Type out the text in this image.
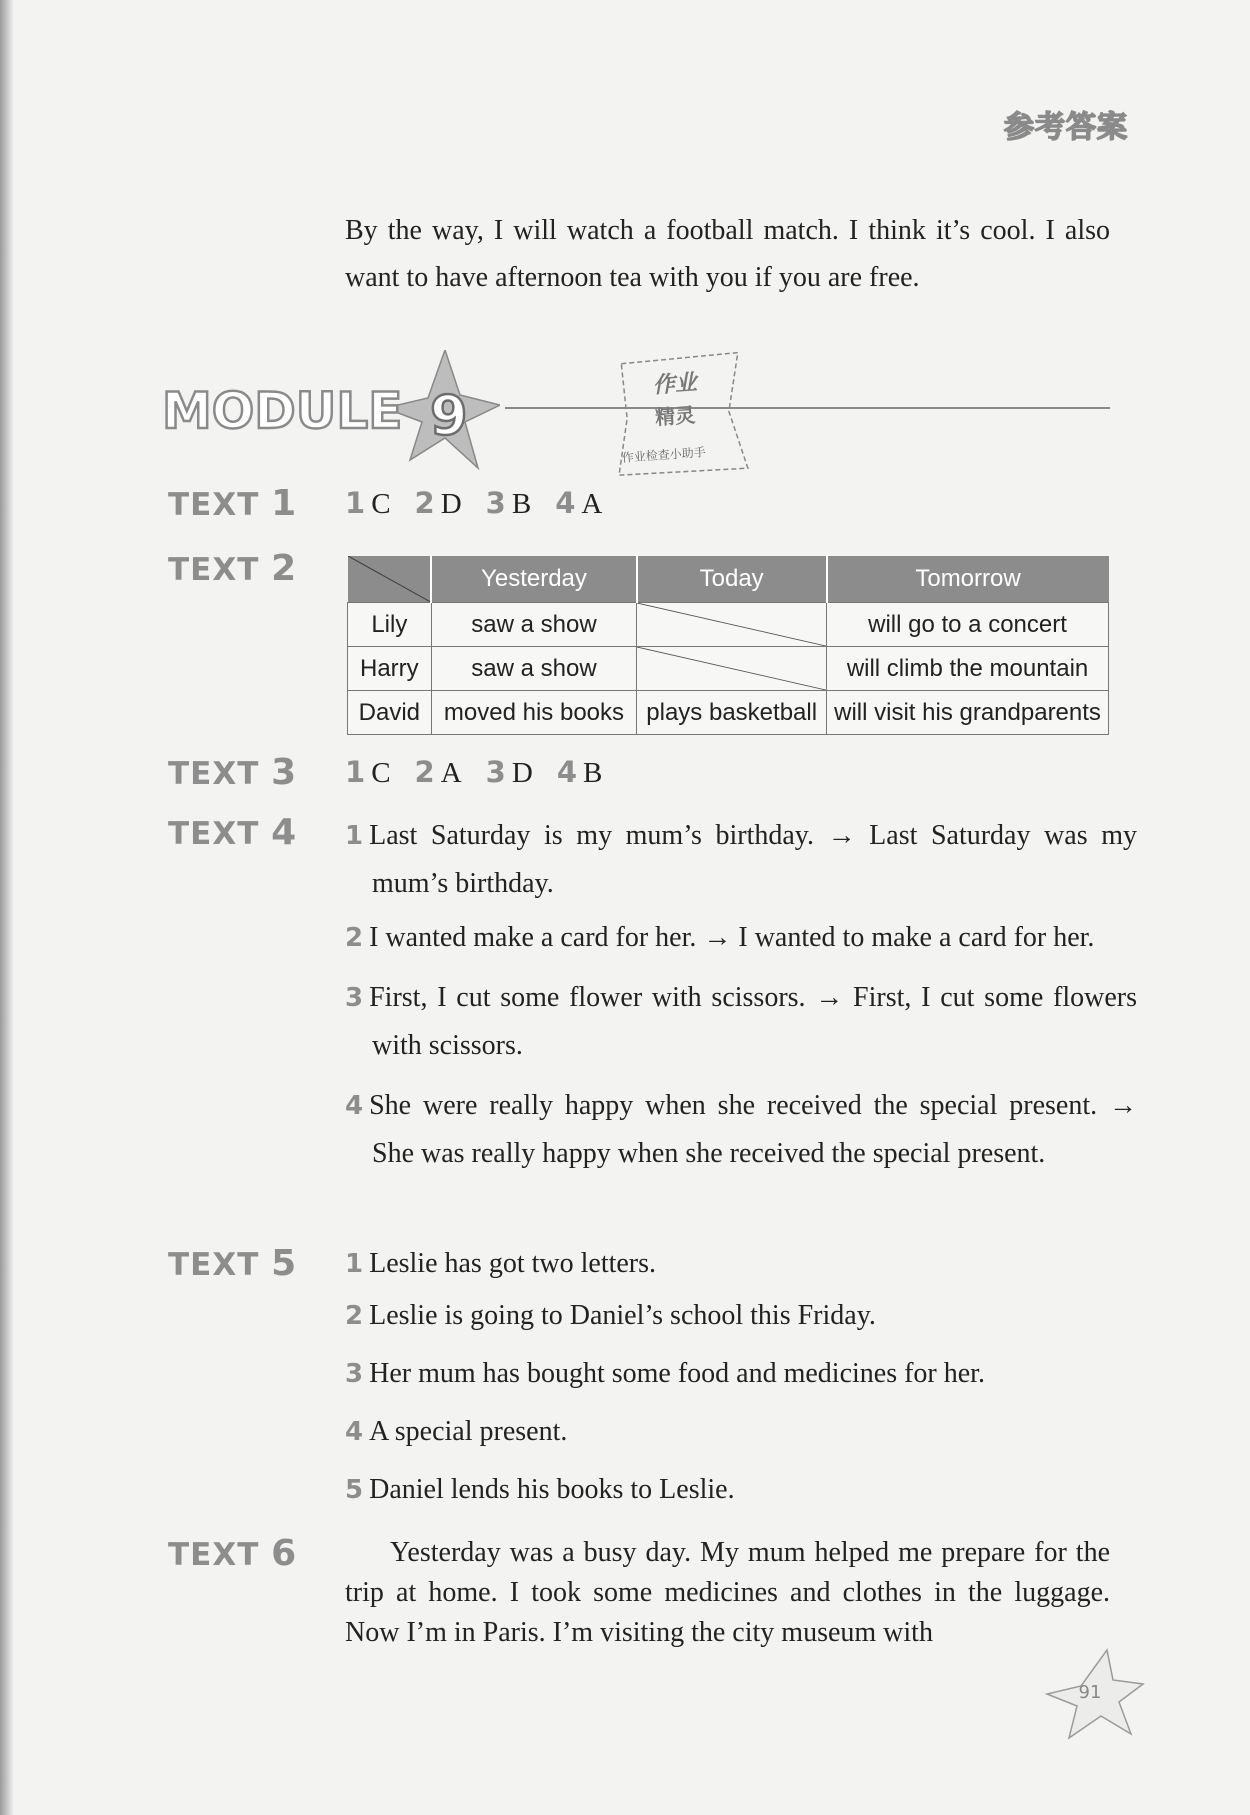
参考答案
By the way, I will watch a football match. I think it’s cool. I also want to have afternoon tea with you if you are free.
MODULE 9	作业
精灵
作业检查小助手
TEXT 1 1 C 2 D 3 B 4 A
TEXT 2
		Yesterday	Today	Tomorrow
Lily	saw a show		will go to a concert
Harry	saw a show		will climb the mountain
David	moved his books	plays basketball	will visit his grandparents
TEXT 3 1 C 2 A 3 D 4 B
TEXT 4 1 Last Saturday is my mum’s birthday. → Last Saturday was my mum’s birthday.
2 I wanted make a card for her. → I wanted to make a card for her.
3 First, I cut some flower with scissors. → First, I cut some flowers with scissors.
4 She were really happy when she received the special present. → She was really happy when she received the special present.
TEXT 5 1 Leslie has got two letters.
2 Leslie is going to Daniel’s school this Friday.
3 Her mum has bought some food and medicines for her.
4 A special present.
5 Daniel lends his books to Leslie.
TEXT 6	Yesterday was a busy day. My mum helped me prepare for the trip at home. I took some medicines and clothes in the luggage. Now I’m in Paris. I’m visiting the city museum with
91
